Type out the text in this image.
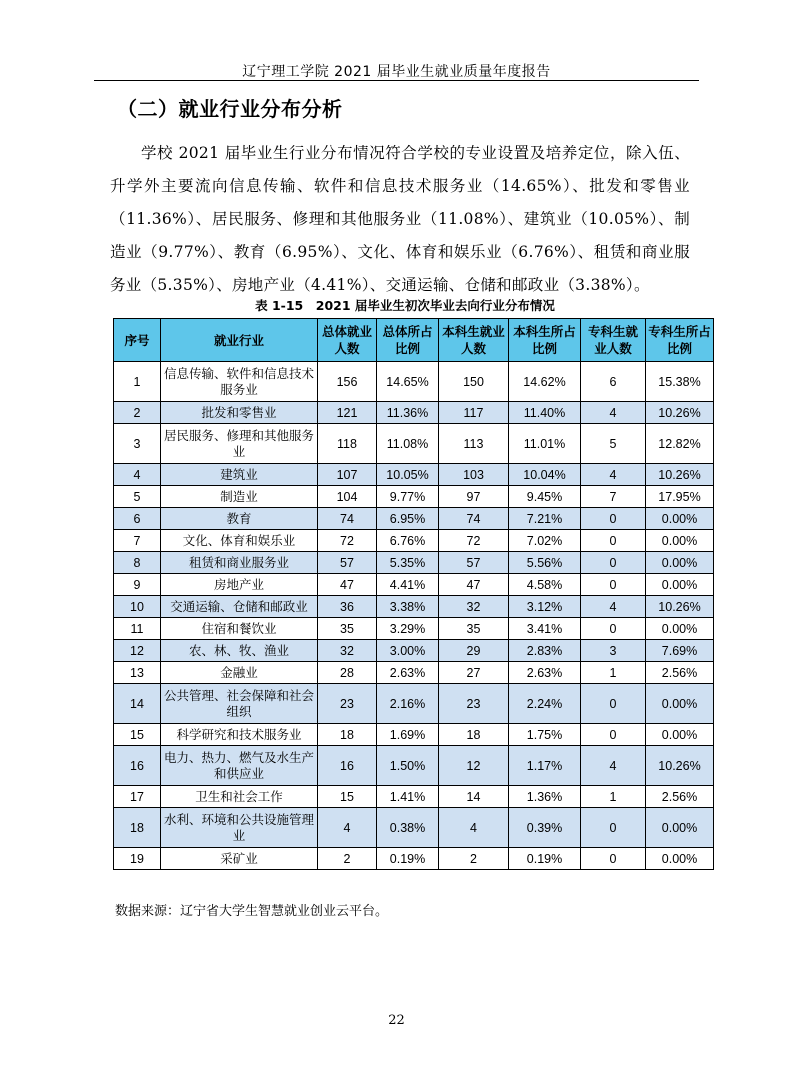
辽宁理工学院 2021 届毕业生就业质量年度报告
（二）就业行业分布分析
学校 2021 届毕业生行业分布情况符合学校的专业设置及培养定位，除入伍、升学外主要流向信息传输、软件和信息技术服务业（14.65%）、批发和零售业（11.36%）、居民服务、修理和其他服务业（11.08%）、建筑业（10.05%）、制造业（9.77%）、教育（6.95%）、文化、体育和娱乐业（6.76%）、租赁和商业服务业（5.35%）、房地产业（4.41%）、交通运输、仓储和邮政业（3.38%）。
表 1-15　2021 届毕业生初次毕业去向行业分布情况
序号	就业行业	总体就业人数	总体所占比例	本科生就业人数	本科生所占比例	专科生就业人数	专科生所占比例
1	信息传输、软件和信息技术服务业	156	14.65%	150	14.62%	6	15.38%
2	批发和零售业	121	11.36%	117	11.40%	4	10.26%
3	居民服务、修理和其他服务业	118	11.08%	113	11.01%	5	12.82%
4	建筑业	107	10.05%	103	10.04%	4	10.26%
5	制造业	104	9.77%	97	9.45%	7	17.95%
6	教育	74	6.95%	74	7.21%	0	0.00%
7	文化、体育和娱乐业	72	6.76%	72	7.02%	0	0.00%
8	租赁和商业服务业	57	5.35%	57	5.56%	0	0.00%
9	房地产业	47	4.41%	47	4.58%	0	0.00%
10	交通运输、仓储和邮政业	36	3.38%	32	3.12%	4	10.26%
11	住宿和餐饮业	35	3.29%	35	3.41%	0	0.00%
12	农、林、牧、渔业	32	3.00%	29	2.83%	3	7.69%
13	金融业	28	2.63%	27	2.63%	1	2.56%
14	公共管理、社会保障和社会组织	23	2.16%	23	2.24%	0	0.00%
15	科学研究和技术服务业	18	1.69%	18	1.75%	0	0.00%
16	电力、热力、燃气及水生产和供应业	16	1.50%	12	1.17%	4	10.26%
17	卫生和社会工作	15	1.41%	14	1.36%	1	2.56%
18	水利、环境和公共设施管理业	4	0.38%	4	0.39%	0	0.00%
19	采矿业	2	0.19%	2	0.19%	0	0.00%
数据来源：辽宁省大学生智慧就业创业云平台。
22
